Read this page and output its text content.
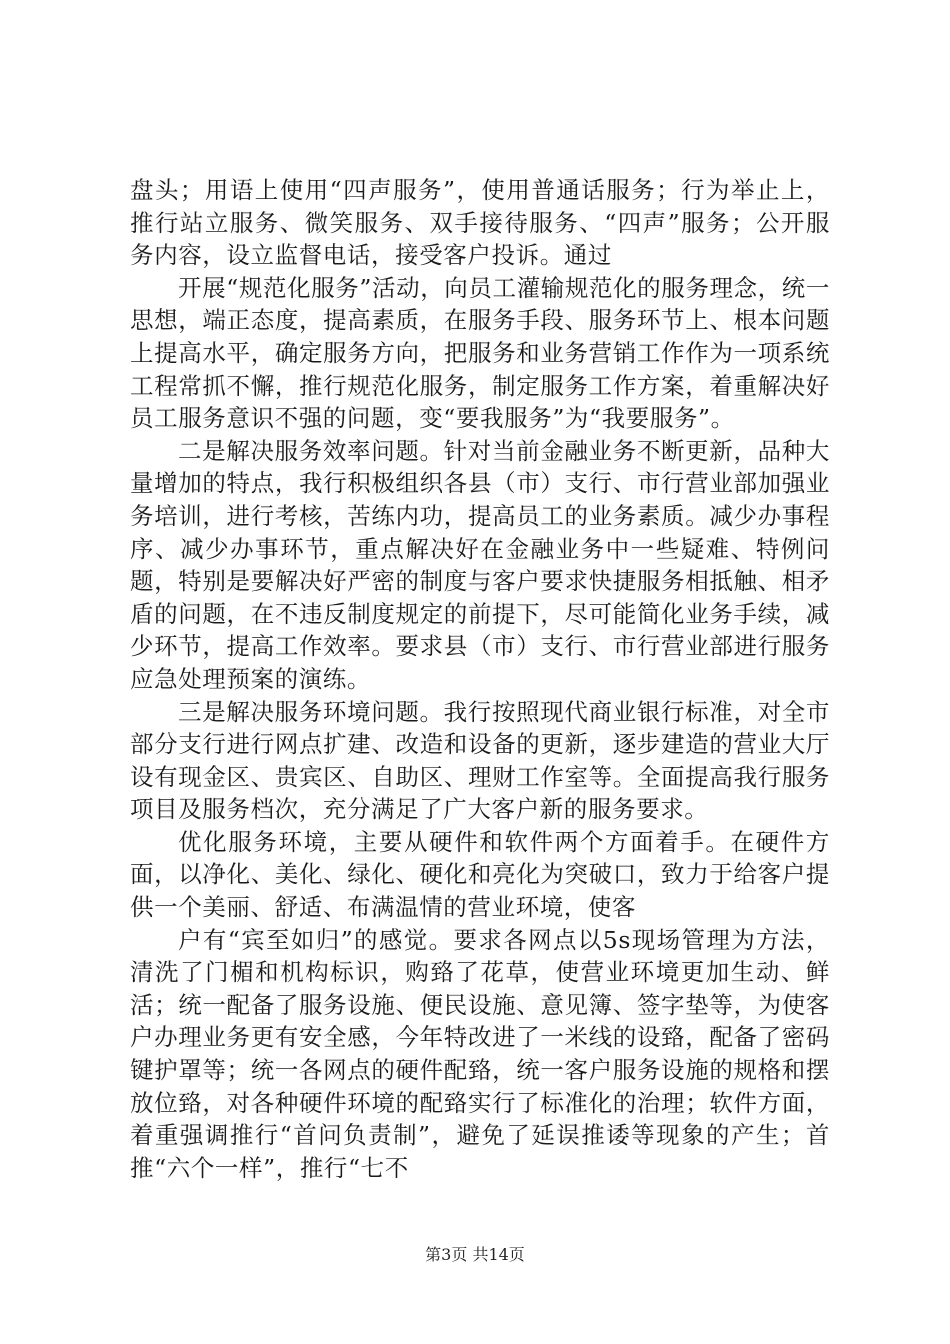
盘头；用语上使用“四声服务”，使用普通话服务；行为举止上，推行站立服务、微笑服务、双手接待服务、“四声”服务；公开服务内容，设立监督电话，接受客户投诉。通过

开展“规范化服务”活动，向员工灌输规范化的服务理念，统一思想，端正态度，提高素质，在服务手段、服务环节上、根本问题上提高水平，确定服务方向，把服务和业务营销工作作为一项系统工程常抓不懈，推行规范化服务，制定服务工作方案，着重解决好员工服务意识不强的问题，变“要我服务”为“我要服务”。

二是解决服务效率问题。针对当前金融业务不断更新，品种大量增加的特点，我行积极组织各县（市）支行、市行营业部加强业务培训，进行考核，苦练内功，提高员工的业务素质。减少办事程序、减少办事环节，重点解决好在金融业务中一些疑难、特例问题，特别是要解决好严密的制度与客户要求快捷服务相抵触、相矛盾的问题，在不违反制度规定的前提下，尽可能简化业务手续，减少环节，提高工作效率。要求县（市）支行、市行营业部进行服务应急处理预案的演练。

三是解决服务环境问题。我行按照现代商业银行标准，对全市部分支行进行网点扩建、改造和设备的更新，逐步建造的营业大厅设有现金区、贵宾区、自助区、理财工作室等。全面提高我行服务项目及服务档次，充分满足了广大客户新的服务要求。

优化服务环境，主要从硬件和软件两个方面着手。在硬件方面，以净化、美化、绿化、硬化和亮化为突破口，致力于给客户提供一个美丽、舒适、布满温情的营业环境，使客

户有“宾至如归”的感觉。要求各网点以5s现场管理为方法，清洗了门楣和机构标识，购臵了花草，使营业环境更加生动、鲜活；统一配备了服务设施、便民设施、意见簿、签字垫等，为使客户办理业务更有安全感，今年特改进了一米线的设臵，配备了密码键护罩等；统一各网点的硬件配臵，统一客户服务设施的规格和摆放位臵，对各种硬件环境的配臵实行了标准化的治理；软件方面，着重强调推行“首问负责制”，避免了延误推诿等现象的产生；首推“六个一样”，推行“七不

第3页 共14页
